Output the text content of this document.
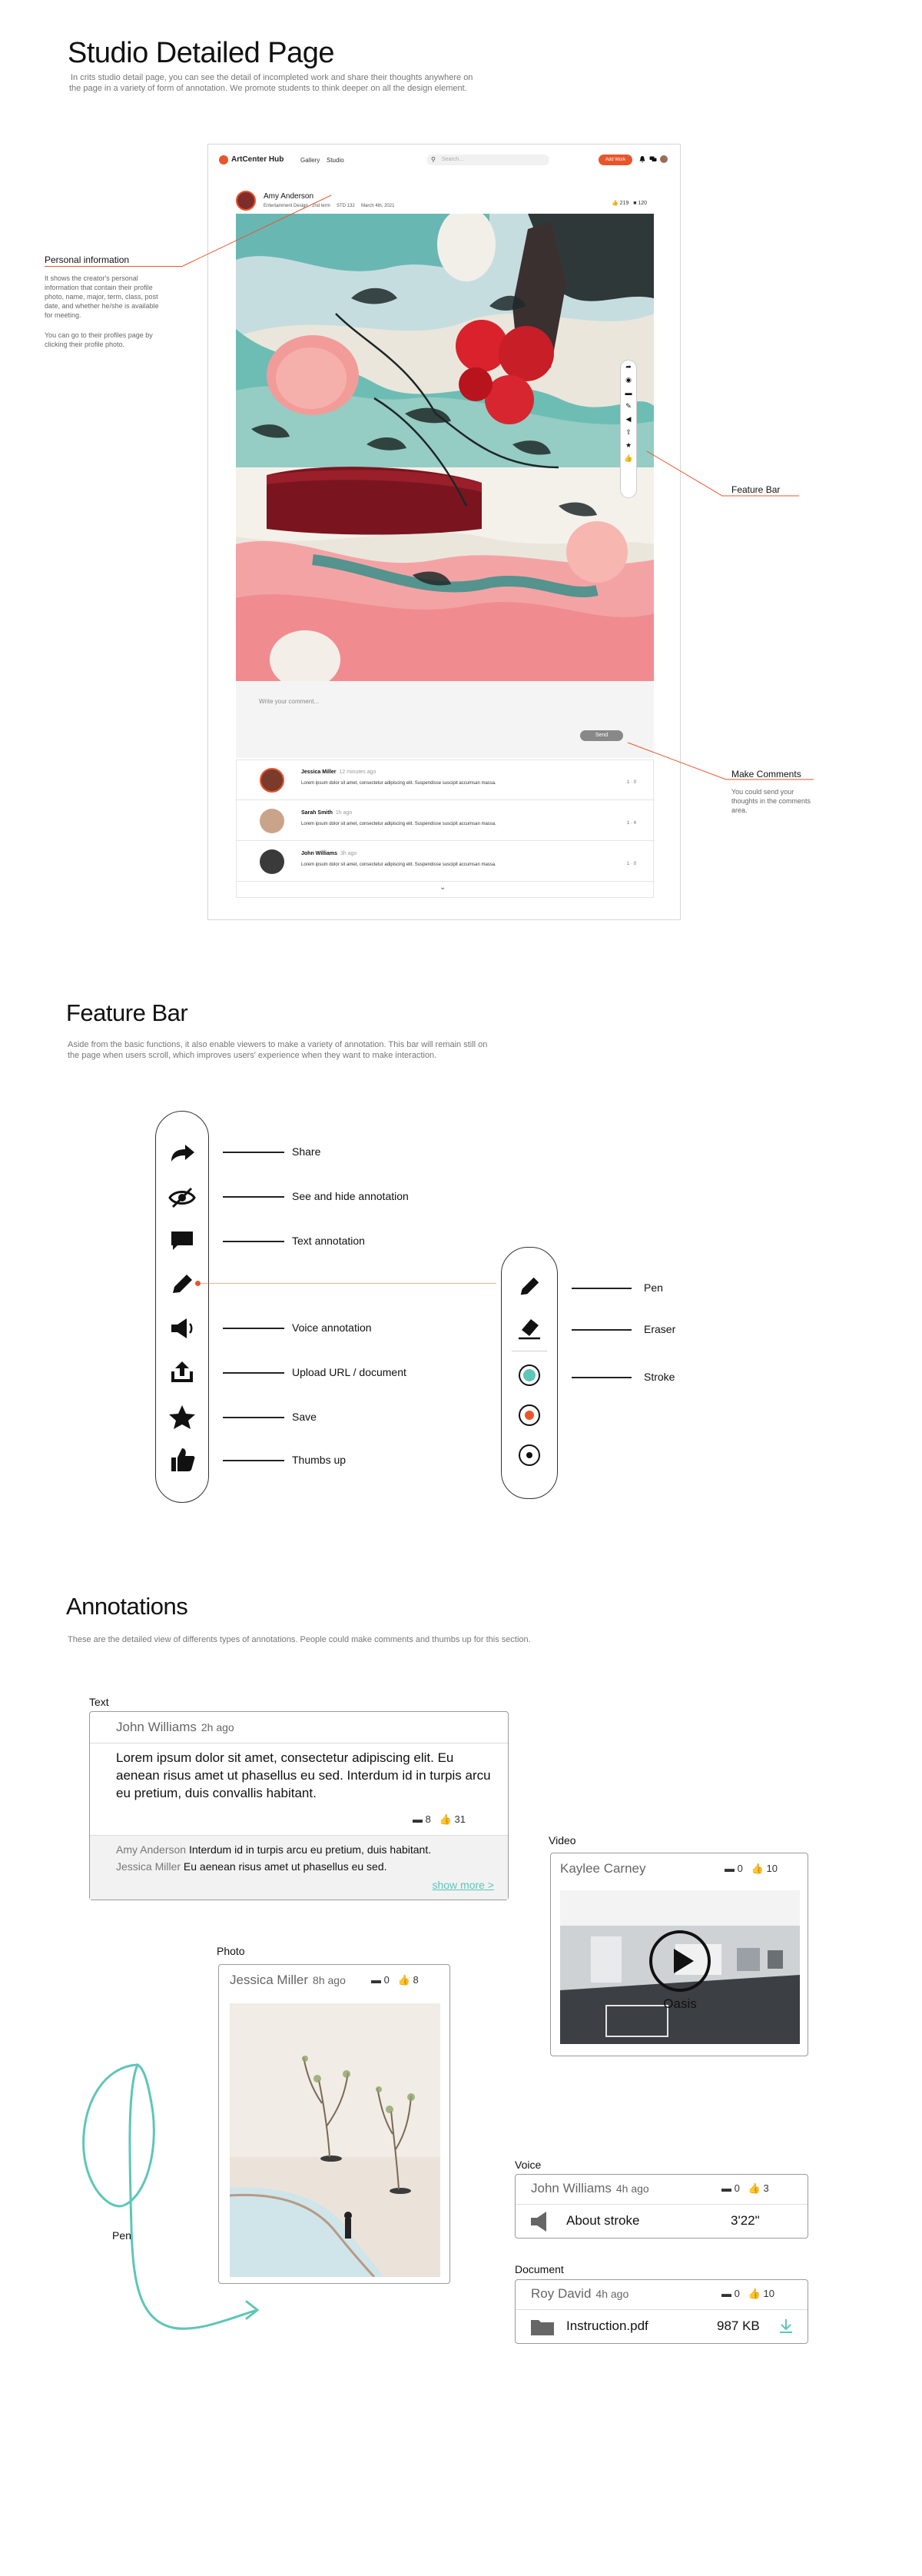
Studio Detailed Page
In crits studio detail page, you can see the detail of incompleted work and share their thoughts anywhere on
the page in a variety of form of annotation. We promote students to think deeper on all the design element.
ArtCenter Hub	Gallery Studio	⚲ Search...	Add Work
Amy Anderson
Entertainment Design · 2nd term     STD 132     March 4th, 2021	👍 219 ■ 120
➦
◉
▬
✎
◀
⇧
★
👍
Write your comment...
Send
Jessica Miller 12 minutes ago
Lorem ipsum dolor sit amet, consectetur adipiscing elit. Suspendisse suscipit accumsan massa.	1 · 0
Sarah Smith 1h ago
Lorem ipsum dolor sit amet, consectetur adipiscing elit. Suspendisse suscipit accumsan massa.	1 · 4
John Williams 3h ago
Lorem ipsum dolor sit amet, consectetur adipiscing elit. Suspendisse suscipit accumsan massa.	1 · 0
⌄
Personal information
It shows the creator's personal information that contain their profile photo, name, major, term, class, post date, and whether he/she is available for meeting.
You can go to their profiles page by clicking their profile photo.
Feature Bar
Make Comments
You could send your thoughts in the comments area.
Feature Bar
Aside from the basic functions, it also enable viewers to make a variety of annotation. This bar will remain still on
the page when users scroll, which improves users' experience when they want to make interaction.
Share
See and hide annotation
Text annotation
Voice annotation
Upload URL / document
Save
Thumbs up
Pen
Eraser
Stroke
Annotations
These are the detailed view of differents types of annotations. People could make comments and thumbs up for this section.
Text
John Williams 2h ago
Lorem ipsum dolor sit amet, consectetur adipiscing elit. Eu aenean risus amet ut phasellus eu sed. Interdum id in turpis arcu eu pretium, duis convallis habitant.
▬ 8 👍 31
Amy Anderson Interdum id in turpis arcu eu pretium, duis habitant.
Jessica Miller Eu aenean risus amet ut phasellus eu sed.
show more >
Video
Kaylee Carney	▬ 0 👍 10
Oasis
Photo
Jessica Miller 8h ago	▬ 0 👍 8
Pen
Voice
John Williams 4h ago	▬ 0 👍 3
About stroke	3'22"
Document
Roy David 4h ago	▬ 0 👍 10
Instruction.pdf	987 KB
